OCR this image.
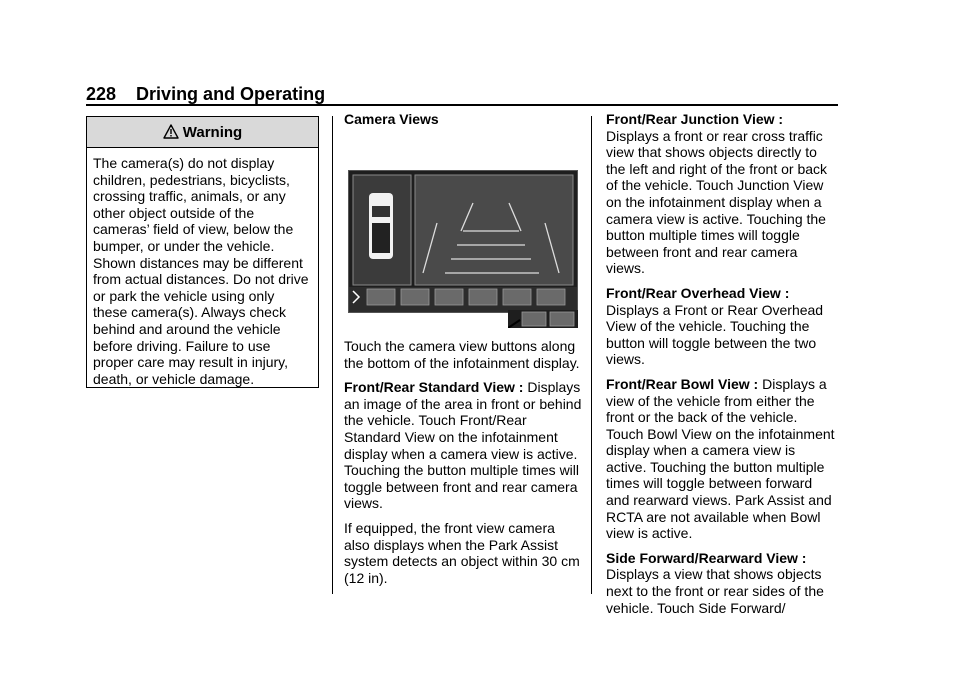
228 Driving and Operating
Warning
The camera(s) do not display children, pedestrians, bicyclists, crossing traffic, animals, or any other object outside of the cameras’ field of view, below the bumper, or under the vehicle. Shown distances may be different from actual distances. Do not drive or park the vehicle using only these camera(s). Always check behind and around the vehicle before driving. Failure to use proper care may result in injury, death, or vehicle damage.
Camera Views

Touch the camera view buttons along the bottom of the infotainment display.

Front/Rear Standard View : Displays an image of the area in front or behind the vehicle. Touch Front/Rear Standard View on the infotainment display when a camera view is active. Touching the button multiple times will toggle between front and rear camera views.

If equipped, the front view camera also displays when the Park Assist system detects an object within 30 cm (12 in).

Front/Rear Junction View : Displays a front or rear cross traffic view that shows objects directly to the left and right of the front or back of the vehicle. Touch Junction View on the infotainment display when a camera view is active. Touching the button multiple times will toggle between front and rear camera views.

Front/Rear Overhead View : Displays a Front or Rear Overhead View of the vehicle. Touching the button will toggle between the two views.

Front/Rear Bowl View : Displays a view of the vehicle from either the front or the back of the vehicle. Touch Bowl View on the infotainment display when a camera view is active. Touching the button multiple times will toggle between forward and rearward views. Park Assist and RCTA are not available when Bowl view is active.

Side Forward/Rearward View : Displays a view that shows objects next to the front or rear sides of the vehicle. Touch Side Forward/
